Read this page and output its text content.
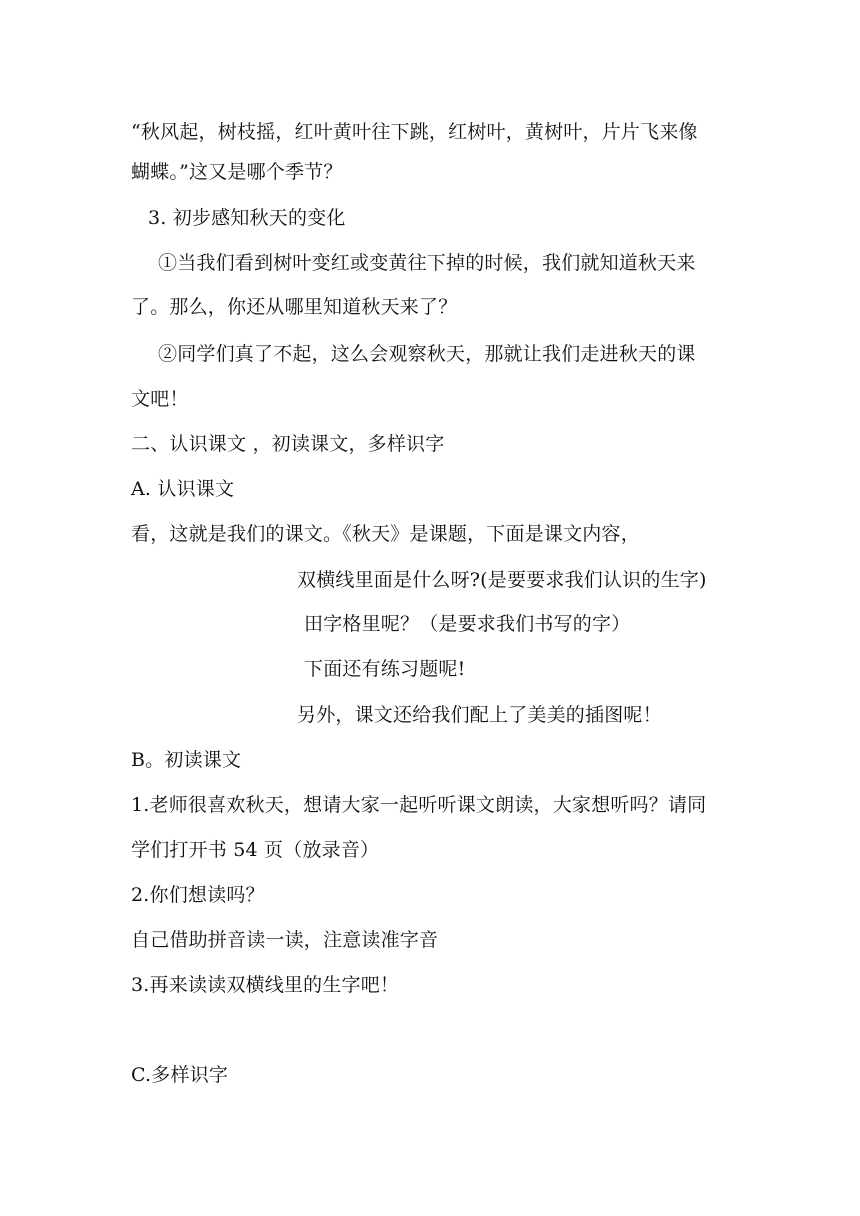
“秋风起，树枝摇，红叶黄叶往下跳，红树叶，黄树叶，片片飞来像
蝴蝶。”这又是哪个季节？
3. 初步感知秋天的变化
①当我们看到树叶变红或变黄往下掉的时候，我们就知道秋天来
了。那么，你还从哪里知道秋天来了？
②同学们真了不起，这么会观察秋天，那就让我们走进秋天的课
文吧！
二、认识课文 ，初读课文，多样识字
A. 认识课文
看，这就是我们的课文。《秋天》是课题，下面是课文内容，
双横线里面是什么呀?(是要要求我们认识的生字)
田字格里呢？（是要求我们书写的字）
下面还有练习题呢!
另外，课文还给我们配上了美美的插图呢！
B。初读课文
1.老师很喜欢秋天，想请大家一起听听课文朗读，大家想听吗？请同
学们打开书 54 页（放录音）
2.你们想读吗？
自己借助拼音读一读，注意读准字音
3.再来读读双横线里的生字吧！
C.多样识字
